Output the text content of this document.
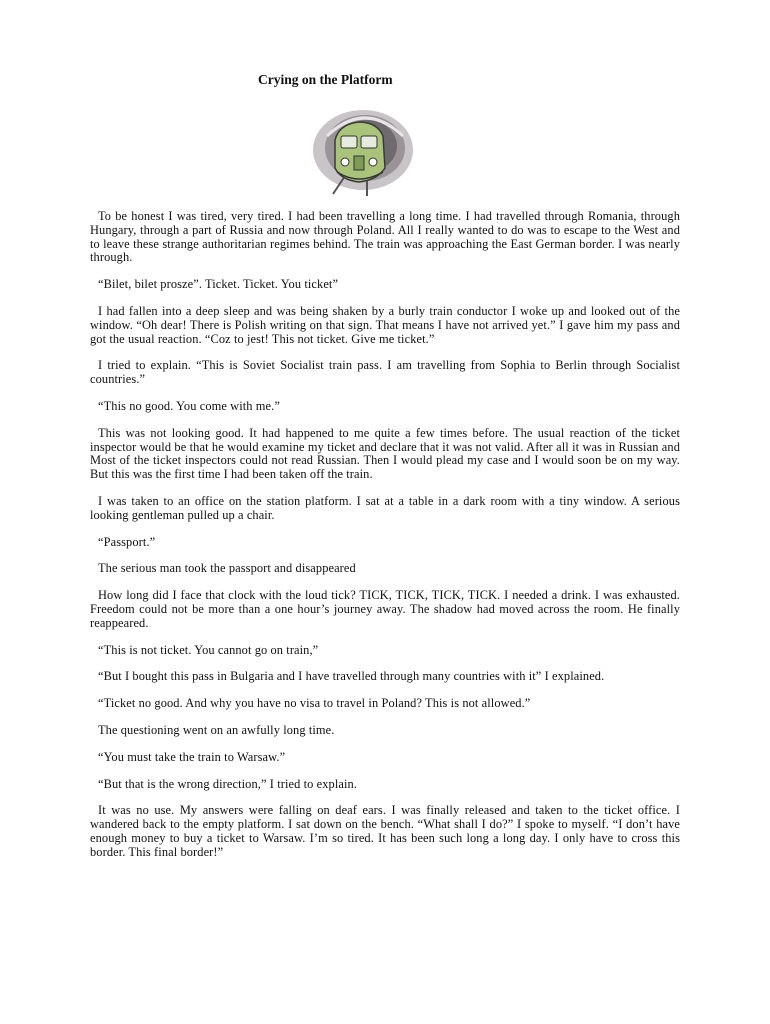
Crying on the Platform

To be honest I was tired, very tired. I had been travelling a long time. I had travelled through Romania, through Hungary, through a part of Russia and now through Poland. All I really wanted to do was to escape to the West and to leave these strange authoritarian regimes behind. The train was approaching the East German border. I was nearly through.

“Bilet, bilet prosze”. Ticket. Ticket. You ticket”

I had fallen into a deep sleep and was being shaken by a burly train conductor I woke up and looked out of the window. “Oh dear! There is Polish writing on that sign. That means I have not arrived yet.” I gave him my pass and got the usual reaction. “Coz to jest! This not ticket. Give me ticket.”

I tried to explain. “This is Soviet Socialist train pass. I am travelling from Sophia to Berlin through Socialist countries.”

“This no good. You come with me.”

This was not looking good. It had happened to me quite a few times before. The usual reaction of the ticket inspector would be that he would examine my ticket and declare that it was not valid. After all it was in Russian and Most of the ticket inspectors could not read Russian. Then I would plead my case and I would soon be on my way. But this was the first time I had been taken off the train.

I was taken to an office on the station platform. I sat at a table in a dark room with a tiny window. A serious looking gentleman pulled up a chair.

“Passport.”

The serious man took the passport and disappeared

How long did I face that clock with the loud tick? TICK, TICK, TICK, TICK. I needed a drink. I was exhausted. Freedom could not be more than a one hour’s journey away. The shadow had moved across the room. He finally reappeared.

“This is not ticket. You cannot go on train,”

“But I bought this pass in Bulgaria and I have travelled through many countries with it” I explained.

“Ticket no good. And why you have no visa to travel in Poland? This is not allowed.”

The questioning went on an awfully long time.

“You must take the train to Warsaw.”

“But that is the wrong direction,” I tried to explain.

It was no use. My answers were falling on deaf ears. I was finally released and taken to the ticket office. I wandered back to the empty platform. I sat down on the bench. “What shall I do?” I spoke to myself. “I don’t have enough money to buy a ticket to Warsaw. I’m so tired. It has been such long a long day. I only have to cross this border. This final border!”
